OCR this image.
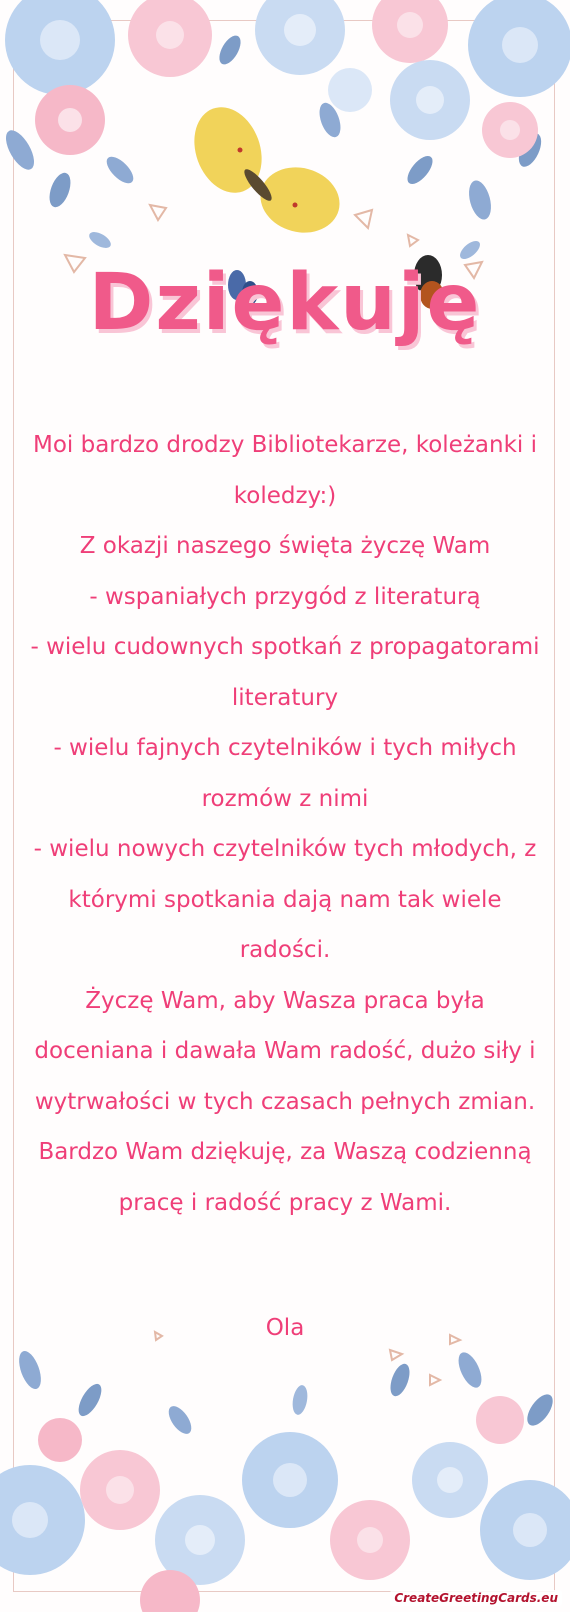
Dziękuję

Moi bardzo drodzy Bibliotekarze, koleżanki i koledzy:)

Z okazji naszego święta życzę Wam

- wspaniałych przygód z literaturą

- wielu cudownych spotkań z propagatorami literatury

- wielu fajnych czytelników i tych miłych rozmów z nimi

- wielu nowych czytelników tych młodych, z którymi spotkania dają nam tak wiele radości.

Życzę Wam, aby Wasza praca była doceniana i dawała Wam radość, dużo siły i wytrwałości w tych czasach pełnych zmian.

Bardzo Wam dziękuję, za Waszą codzienną pracę i radość pracy z Wami.

Ola
CreateGreetingCards.eu
